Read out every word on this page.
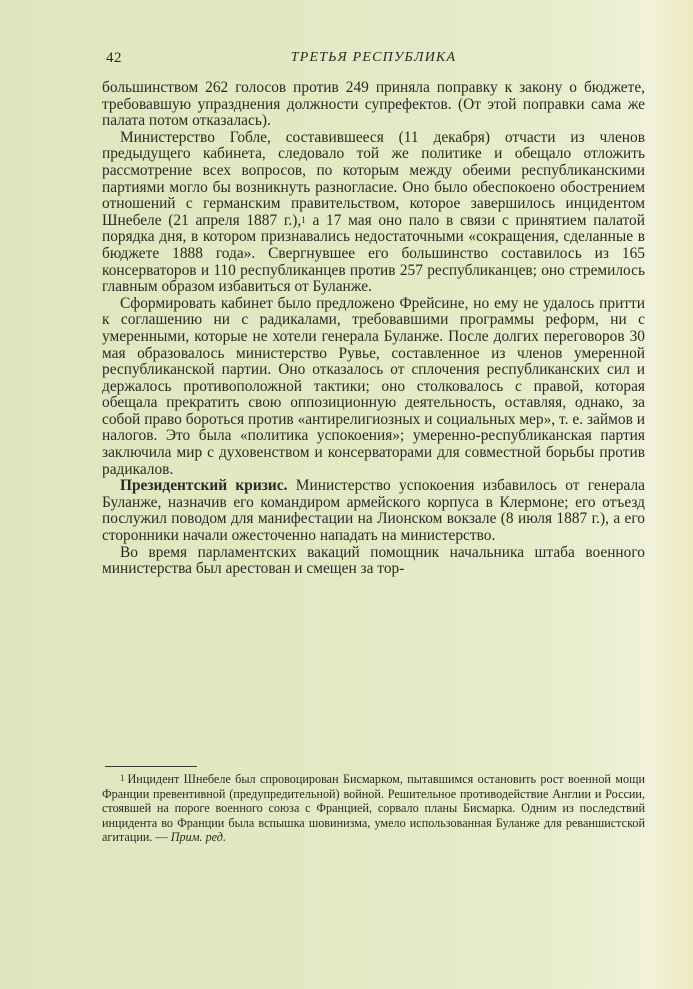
42	ТРЕТЬЯ РЕСПУБЛИКА

большинством 262 голосов против 249 приняла поправку к закону о бюджете, требовавшую упразднения должности супрефектов. (От этой поправки сама же палата потом отказалась).

Министерство Гобле, составившееся (11 декабря) отчасти из членов предыдущего кабинета, следовало той же политике и обещало отложить рассмотрение всех вопросов, по которым между обеими республиканскими партиями могло бы возникнуть разногласие. Оно было обеспокоено обострением отношений с германским правительством, которое завершилось инцидентом Шнебеле (21 апреля 1887 г.),$^1$ а 17 мая оно пало в связи с принятием палатой порядка дня, в котором признавались недостаточными «сокращения, сделанные в бюджете 1888 года». Свергнувшее его большинство составилось из 165 консерваторов и 110 республиканцев против 257 республиканцев; оно стремилось главным образом избавиться от Буланже.

Сформировать кабинет было предложено Фрейсине, но ему не удалось притти к соглашению ни с радикалами, требовавшими программы реформ, ни с умеренными, которые не хотели генерала Буланже. После долгих переговоров 30 мая образовалось министерство Рувье, составленное из членов умеренной республиканской партии. Оно отказалось от сплочения республиканских сил и держалось противоположной тактики; оно столковалось с правой, которая обещала прекратить свою оппозиционную деятельность, оставляя, однако, за собой право бороться против «антирелигиозных и социальных мер», т. е. займов и налогов. Это была «политика успокоения»; умеренно-республиканская партия заключила мир с духовенством и консерваторами для совместной борьбы против радикалов.

Президентский кризис. Министерство успокоения избавилось от генерала Буланже, назначив его командиром армейского корпуса в Клермоне; его отъезд послужил поводом для манифестации на Лионском вокзале (8 июля 1887 г.), а его сторонники начали ожесточенно нападать на министерство.

Во время парламентских вакаций помощник начальника штаба военного министерства был арестован и смещен за тор-

$^1$ Инцидент Шнебеле был спровоцирован Бисмарком, пытавшимся остановить рост военной мощи Франции превентивной (предупредительной) войной. Решительное противодействие Англии и России, стоявшей на пороге военного союза с Францией, сорвало планы Бисмарка. Одним из последствий инцидента во Франции была вспышка шовинизма, умело использованная Буланже для реваншистской агитации. — Прим. ред.
